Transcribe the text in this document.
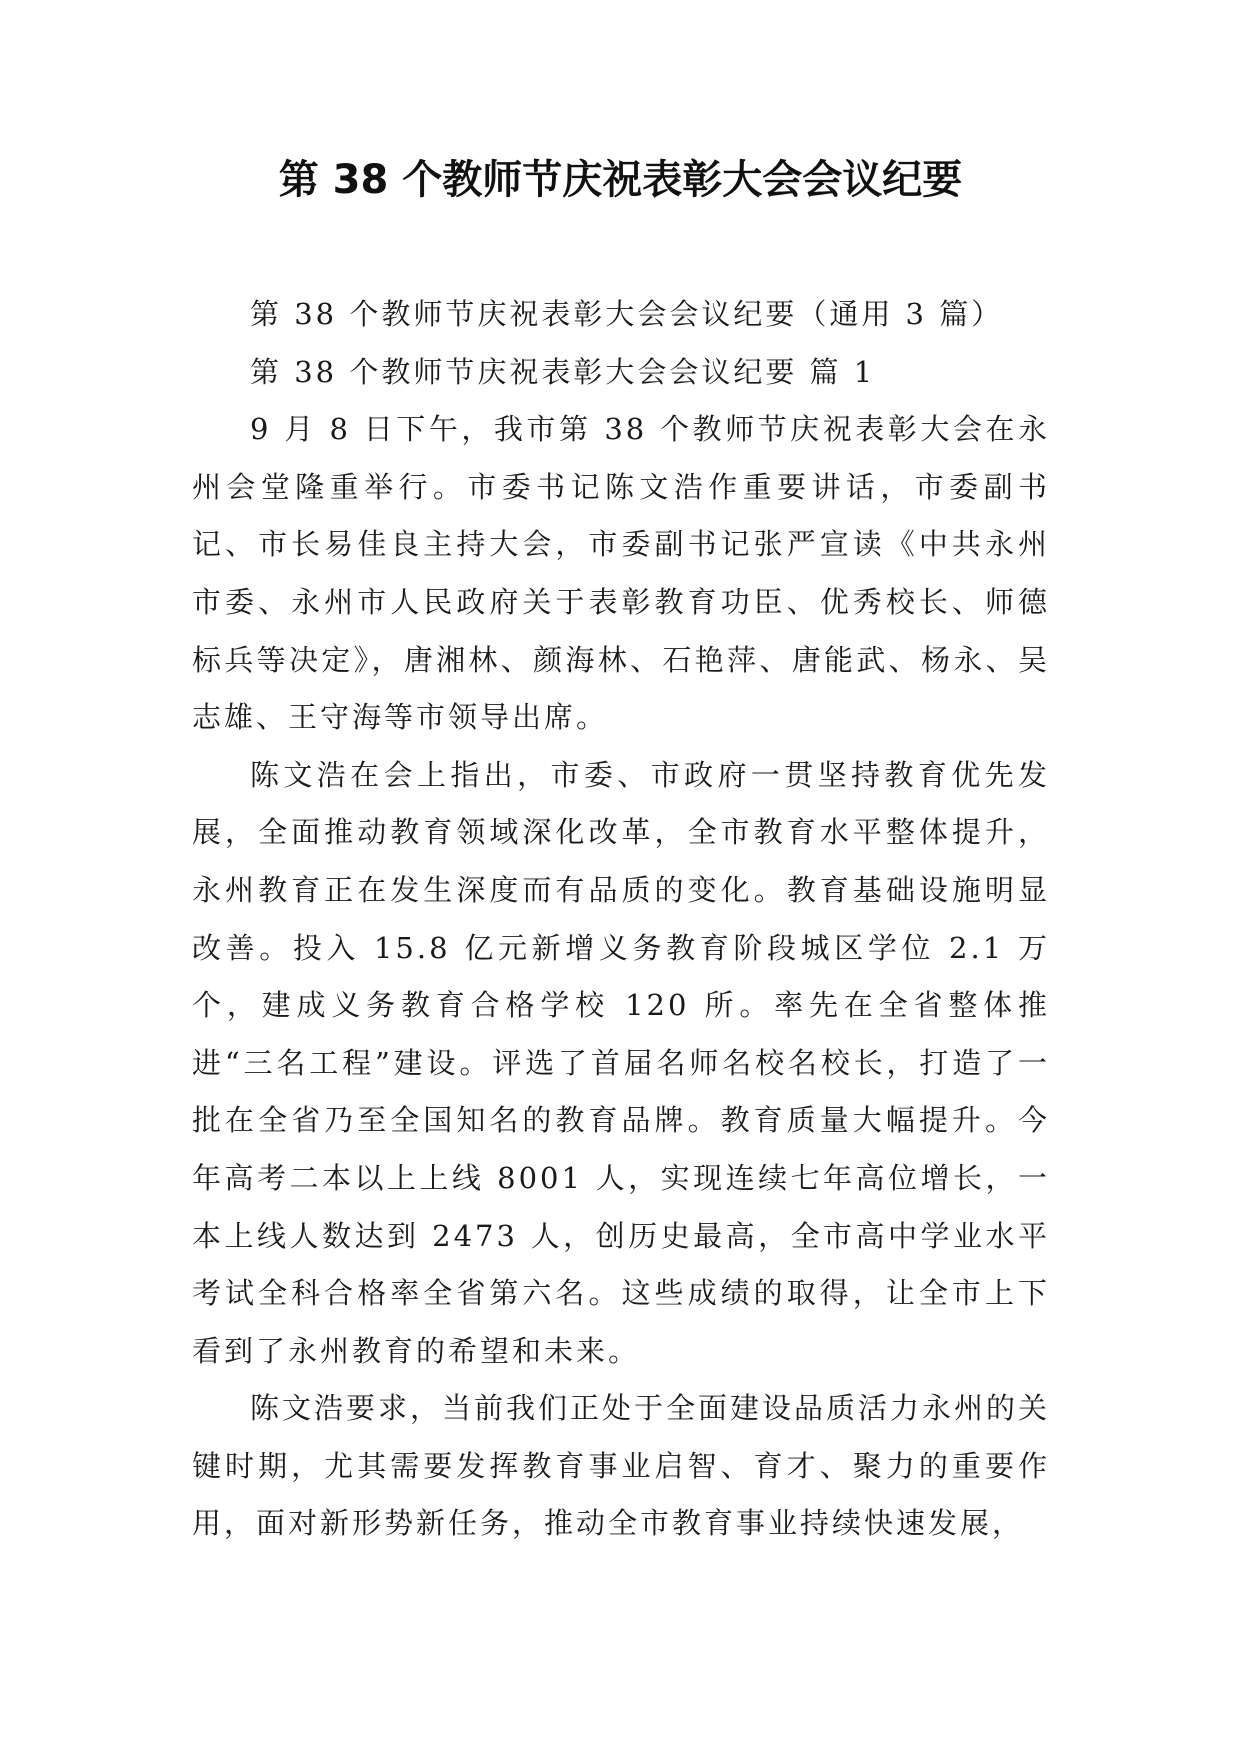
第 38 个教师节庆祝表彰大会会议纪要

第 38 个教师节庆祝表彰大会会议纪要（通用 3 篇）

第 38 个教师节庆祝表彰大会会议纪要 篇 1

9 月 8 日下午，我市第 38 个教师节庆祝表彰大会在永州会堂隆重举行。市委书记陈文浩作重要讲话，市委副书记、市长易佳良主持大会，市委副书记张严宣读《中共永州市委、永州市人民政府关于表彰教育功臣、优秀校长、师德标兵等决定》，唐湘林、颜海林、石艳萍、唐能武、杨永、吴志雄、王守海等市领导出席。

陈文浩在会上指出，市委、市政府一贯坚持教育优先发展，全面推动教育领域深化改革，全市教育水平整体提升，永州教育正在发生深度而有品质的变化。教育基础设施明显改善。投入 15.8 亿元新增义务教育阶段城区学位 2.1 万个，建成义务教育合格学校 120 所。率先在全省整体推进“三名工程”建设。评选了首届名师名校名校长，打造了一批在全省乃至全国知名的教育品牌。教育质量大幅提升。今年高考二本以上上线 8001 人，实现连续七年高位增长，一本上线人数达到 2473 人，创历史最高，全市高中学业水平考试全科合格率全省第六名。这些成绩的取得，让全市上下看到了永州教育的希望和未来。

陈文浩要求，当前我们正处于全面建设品质活力永州的关键时期，尤其需要发挥教育事业启智、育才、聚力的重要作用，面对新形势新任务，推动全市教育事业持续快速发展，
